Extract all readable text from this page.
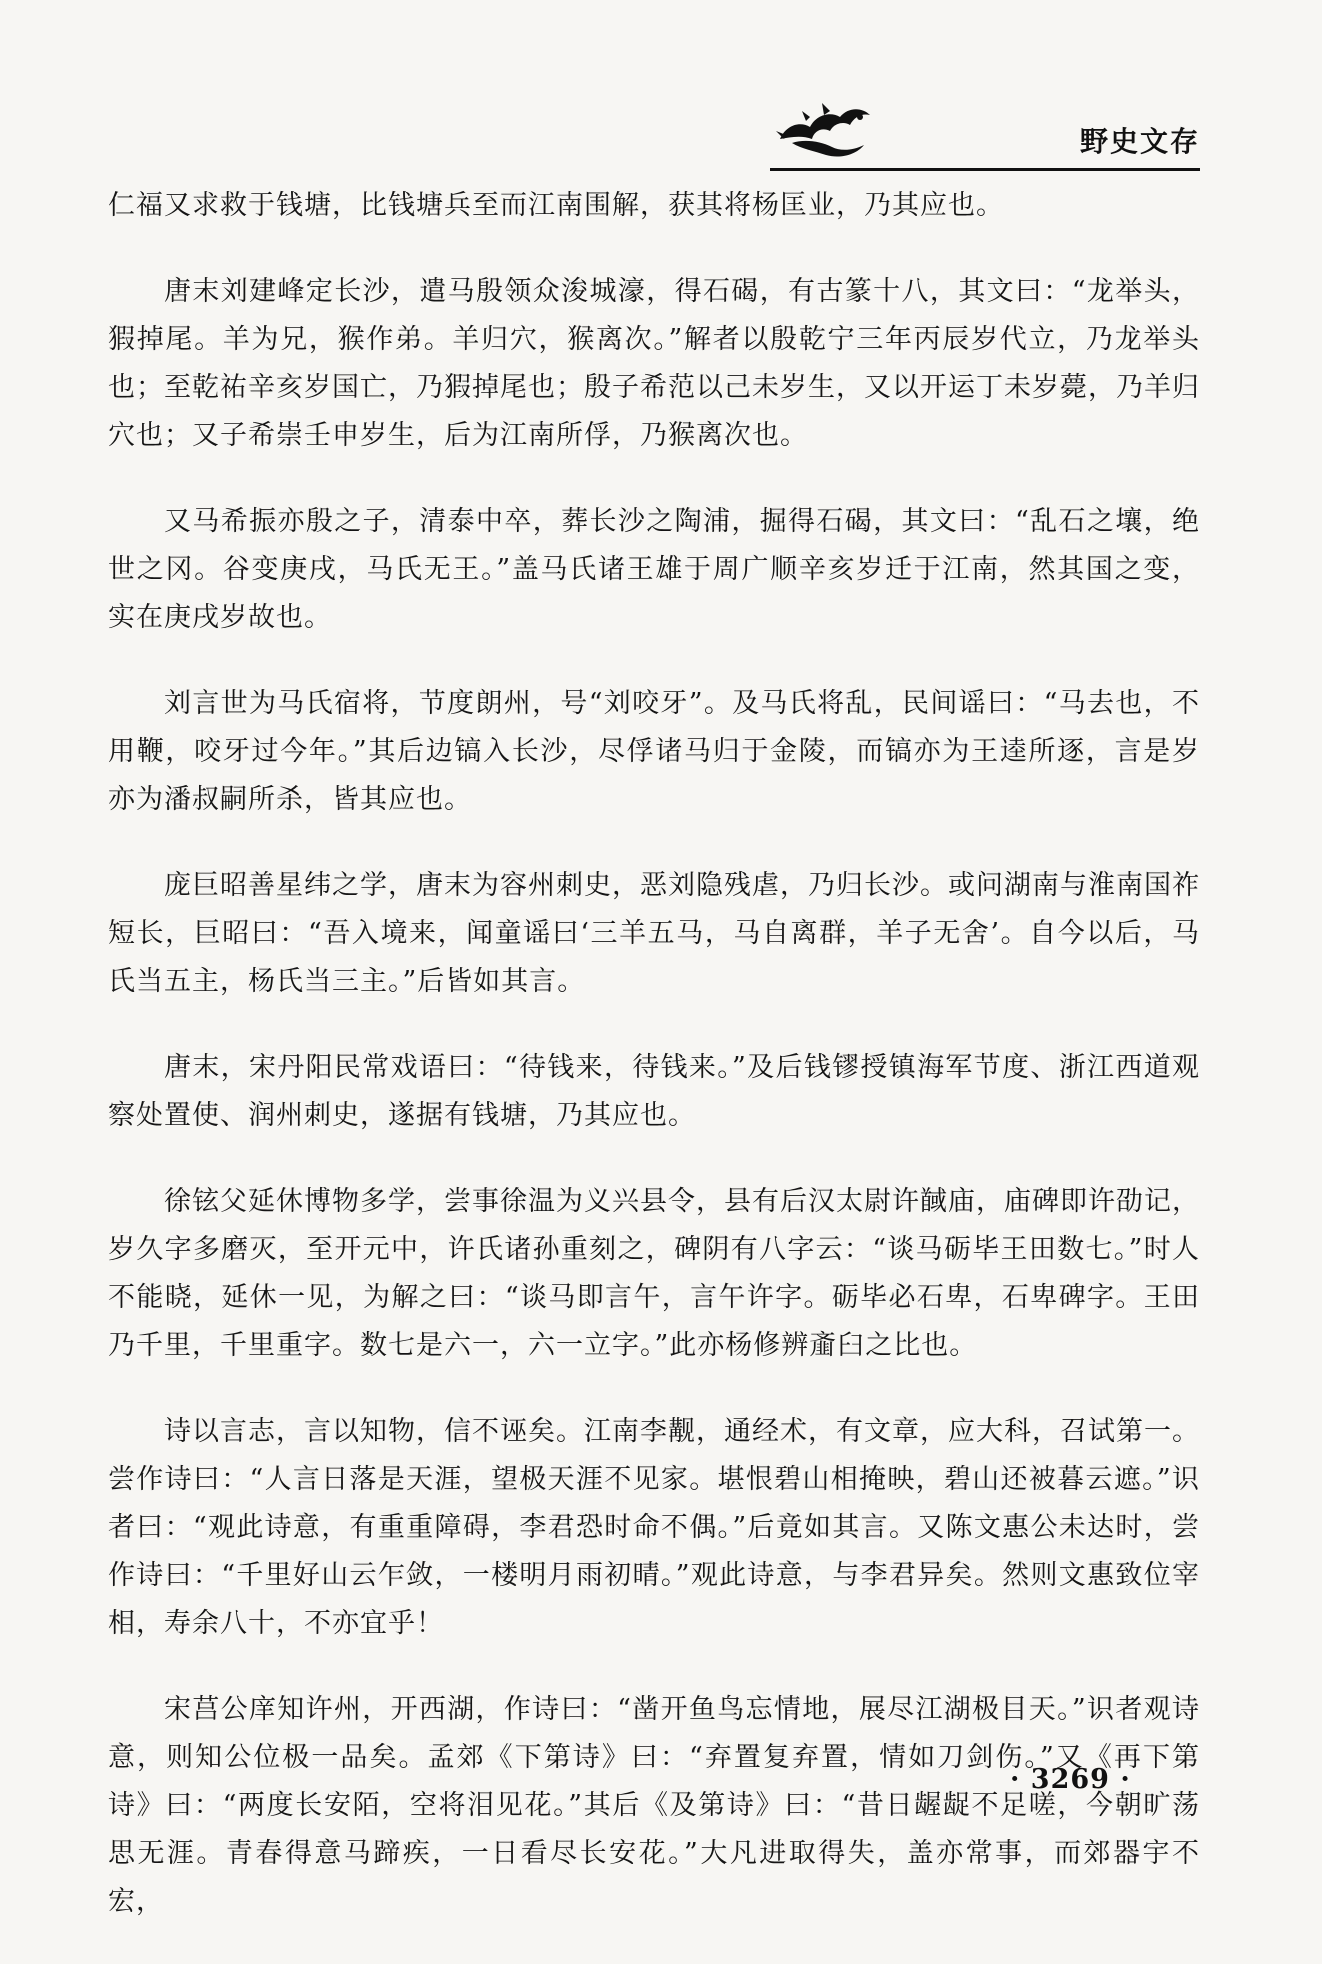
野史文存

仁福又求救于钱塘，比钱塘兵至而江南围解，获其将杨匡业，乃其应也。

唐末刘建峰定长沙，遣马殷领众浚城濠，得石碣，有古篆十八，其文曰：“龙举头，猳掉尾。羊为兄，猴作弟。羊归穴，猴离次。”解者以殷乾宁三年丙辰岁代立，乃龙举头也；至乾祐辛亥岁国亡，乃猳掉尾也；殷子希范以己未岁生，又以开运丁未岁薨，乃羊归穴也；又子希崇壬申岁生，后为江南所俘，乃猴离次也。

又马希振亦殷之子，清泰中卒，葬长沙之陶浦，掘得石碣，其文曰：“乱石之壤，绝世之冈。谷变庚戌，马氏无王。”盖马氏诸王雄于周广顺辛亥岁迁于江南，然其国之变，实在庚戌岁故也。

刘言世为马氏宿将，节度朗州，号“刘咬牙”。及马氏将乱，民间谣曰：“马去也，不用鞭，咬牙过今年。”其后边镐入长沙，尽俘诸马归于金陵，而镐亦为王逵所逐，言是岁亦为潘叔嗣所杀，皆其应也。

庞巨昭善星纬之学，唐末为容州刺史，恶刘隐残虐，乃归长沙。或问湖南与淮南国祚短长，巨昭曰：“吾入境来，闻童谣曰‘三羊五马，马自离群，羊子无舍’。自今以后，马氏当五主，杨氏当三主。”后皆如其言。

唐末，宋丹阳民常戏语曰：“待钱来，待钱来。”及后钱镠授镇海军节度、浙江西道观察处置使、润州刺史，遂据有钱塘，乃其应也。

徐铉父延休博物多学，尝事徐温为义兴县令，县有后汉太尉许馘庙，庙碑即许劭记，岁久字多磨灭，至开元中，许氏诸孙重刻之，碑阴有八字云：“谈马砺毕王田数七。”时人不能晓，延休一见，为解之曰：“谈马即言午，言午许字。砺毕必石卑，石卑碑字。王田乃千里，千里重字。数七是六一，六一立字。”此亦杨修辨齑臼之比也。

诗以言志，言以知物，信不诬矣。江南李觏，通经术，有文章，应大科，召试第一。尝作诗曰：“人言日落是天涯，望极天涯不见家。堪恨碧山相掩映，碧山还被暮云遮。”识者曰：“观此诗意，有重重障碍，李君恐时命不偶。”后竟如其言。又陈文惠公未达时，尝作诗曰：“千里好山云乍敛，一楼明月雨初晴。”观此诗意，与李君异矣。然则文惠致位宰相，寿余八十，不亦宜乎！

宋莒公庠知许州，开西湖，作诗曰：“凿开鱼鸟忘情地，展尽江湖极目天。”识者观诗意，则知公位极一品矣。孟郊《下第诗》曰：“弃置复弃置，情如刀剑伤。”又《再下第诗》曰：“两度长安陌，空将泪见花。”其后《及第诗》曰：“昔日龌龊不足嗟，今朝旷荡思无涯。青春得意马蹄疾，一日看尽长安花。”大凡进取得失，盖亦常事，而郊器宇不宏，

· 3269 ·
